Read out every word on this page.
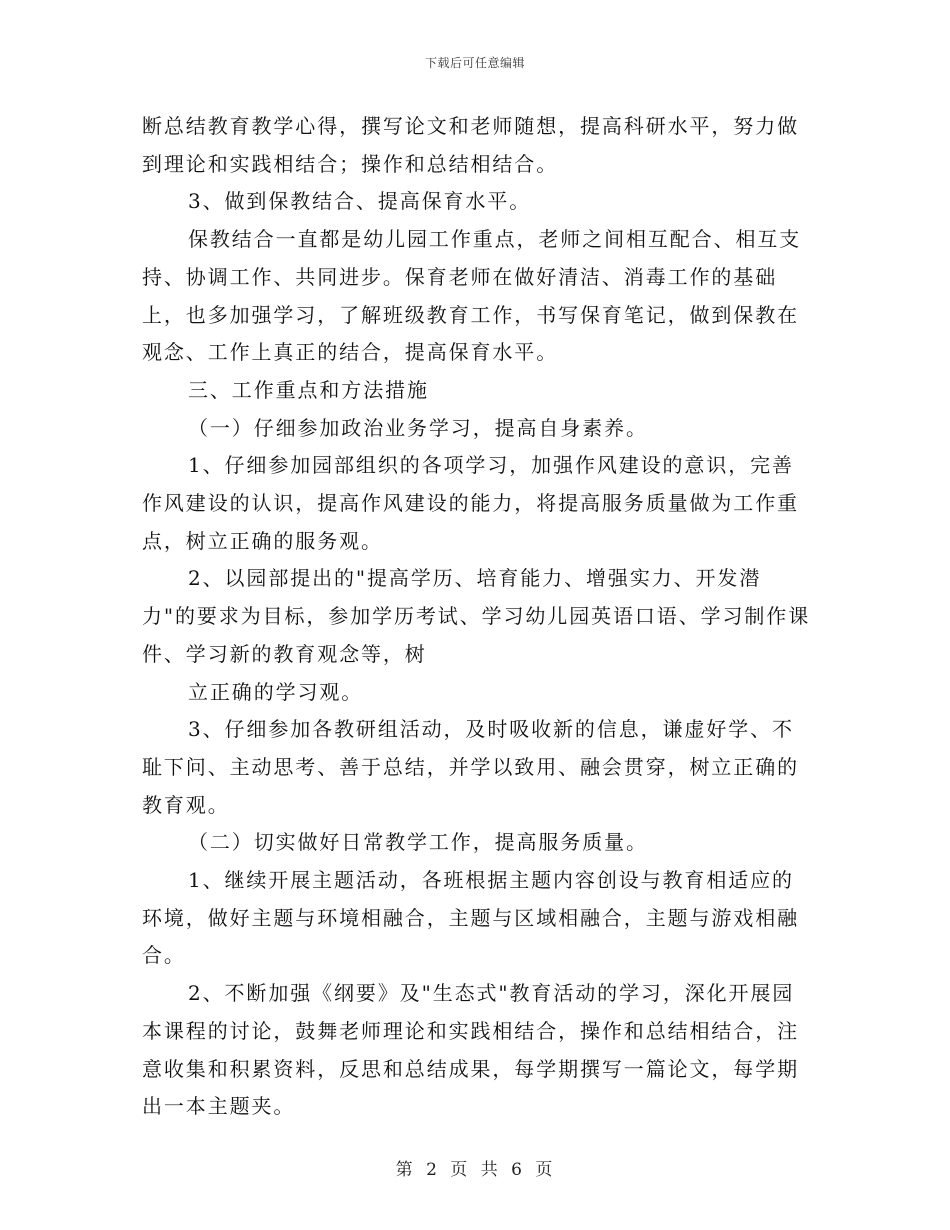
下载后可任意编辑

断总结教育教学心得，撰写论文和老师随想，提高科研水平，努力做到理论和实践相结合；操作和总结相结合。

3、做到保教结合、提高保育水平。

保教结合一直都是幼儿园工作重点，老师之间相互配合、相互支持、协调工作、共同进步。保育老师在做好清洁、消毒工作的基础上，也多加强学习，了解班级教育工作，书写保育笔记，做到保教在观念、工作上真正的结合，提高保育水平。

三、工作重点和方法措施

（一）仔细参加政治业务学习，提高自身素养。

1、仔细参加园部组织的各项学习，加强作风建设的意识，完善作风建设的认识，提高作风建设的能力，将提高服务质量做为工作重点，树立正确的服务观。

2、以园部提出的"提高学历、培育能力、增强实力、开发潜力"的要求为目标，参加学历考试、学习幼儿园英语口语、学习制作课件、学习新的教育观念等，树

立正确的学习观。

3、仔细参加各教研组活动，及时吸收新的信息，谦虚好学、不耻下问、主动思考、善于总结，并学以致用、融会贯穿，树立正确的教育观。

（二）切实做好日常教学工作，提高服务质量。

1、继续开展主题活动，各班根据主题内容创设与教育相适应的环境，做好主题与环境相融合，主题与区域相融合，主题与游戏相融合。

2、不断加强《纲要》及"生态式"教育活动的学习，深化开展园本课程的讨论，鼓舞老师理论和实践相结合，操作和总结相结合，注意收集和积累资料，反思和总结成果，每学期撰写一篇论文，每学期出一本主题夹。

第 2 页 共 6 页
